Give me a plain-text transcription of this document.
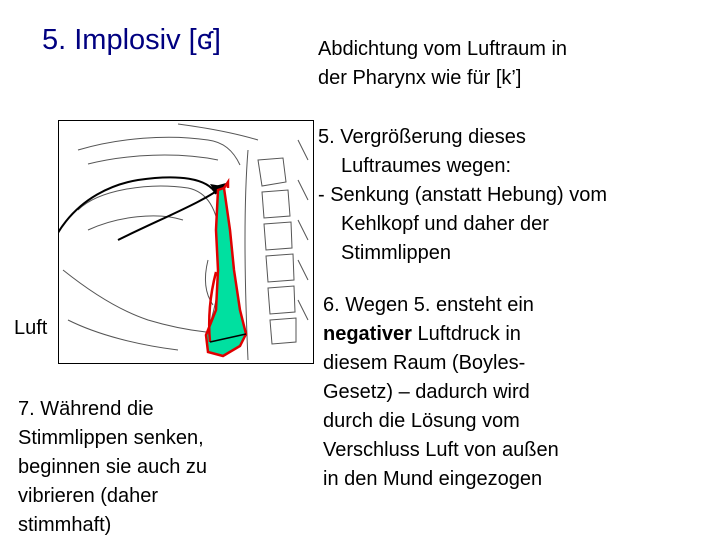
5. Implosiv [ʛ]	Abdichtung vom Luftraum in
der Pharynx wie für [k’]
5. Vergrößerung dieses
Luftraumes wegen:
- Senkung (anstatt Hebung) vom
Kehlkopf und daher der
Stimmlippen
6. Wegen 5. ensteht ein
negativer Luftdruck in
diesem Raum (Boyles-
Gesetz) – dadurch wird
durch die Lösung vom
Verschluss Luft von außen
in den Mund eingezogen
7. Während die
Stimmlippen senken,
beginnen sie auch zu
vibrieren (daher
stimmhaft)
Luft
